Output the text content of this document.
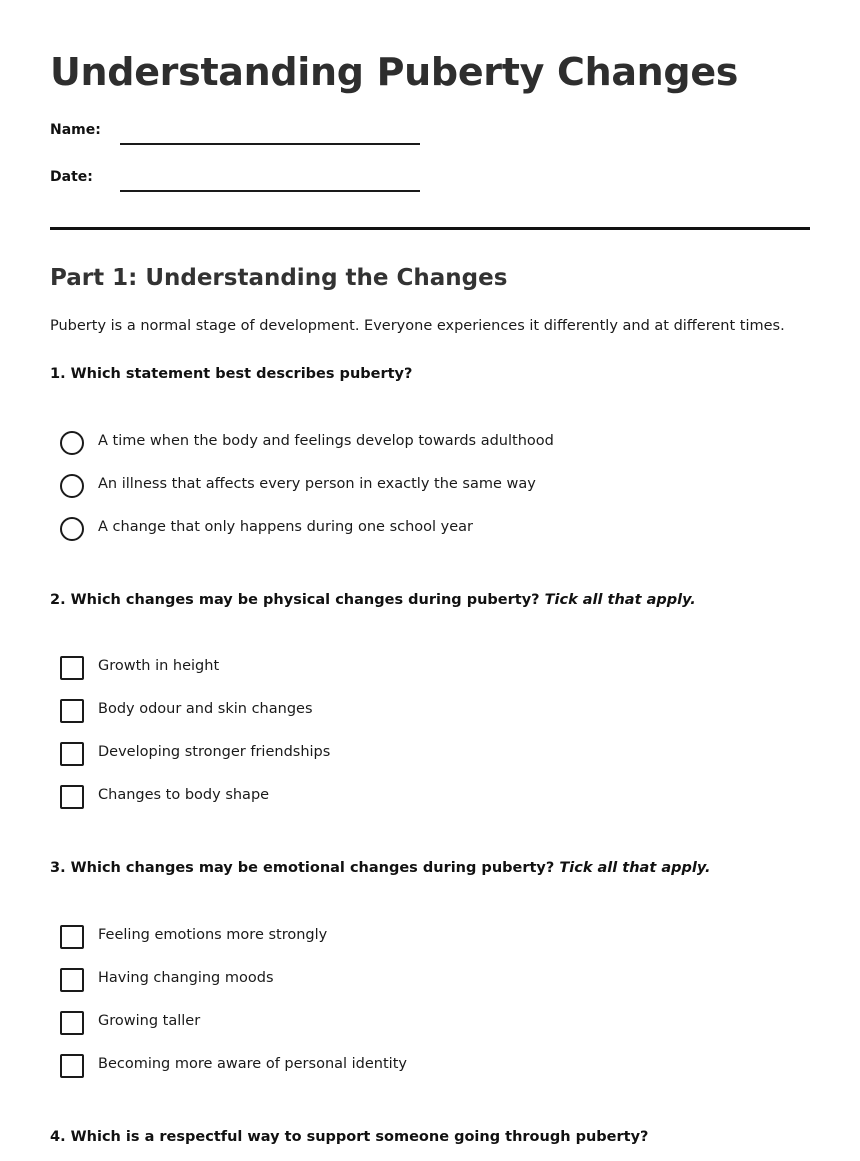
Understanding Puberty Changes
Name:
Date:
Part 1: Understanding the Changes
Puberty is a normal stage of development. Everyone experiences it differently and at different times.
1. Which statement best describes puberty?
A time when the body and feelings develop towards adulthood
An illness that affects every person in exactly the same way
A change that only happens during one school year
2. Which changes may be physical changes during puberty? Tick all that apply.
Growth in height
Body odour and skin changes
Developing stronger friendships
Changes to body shape
3. Which changes may be emotional changes during puberty? Tick all that apply.
Feeling emotions more strongly
Having changing moods
Growing taller
Becoming more aware of personal identity
4. Which is a respectful way to support someone going through puberty?
